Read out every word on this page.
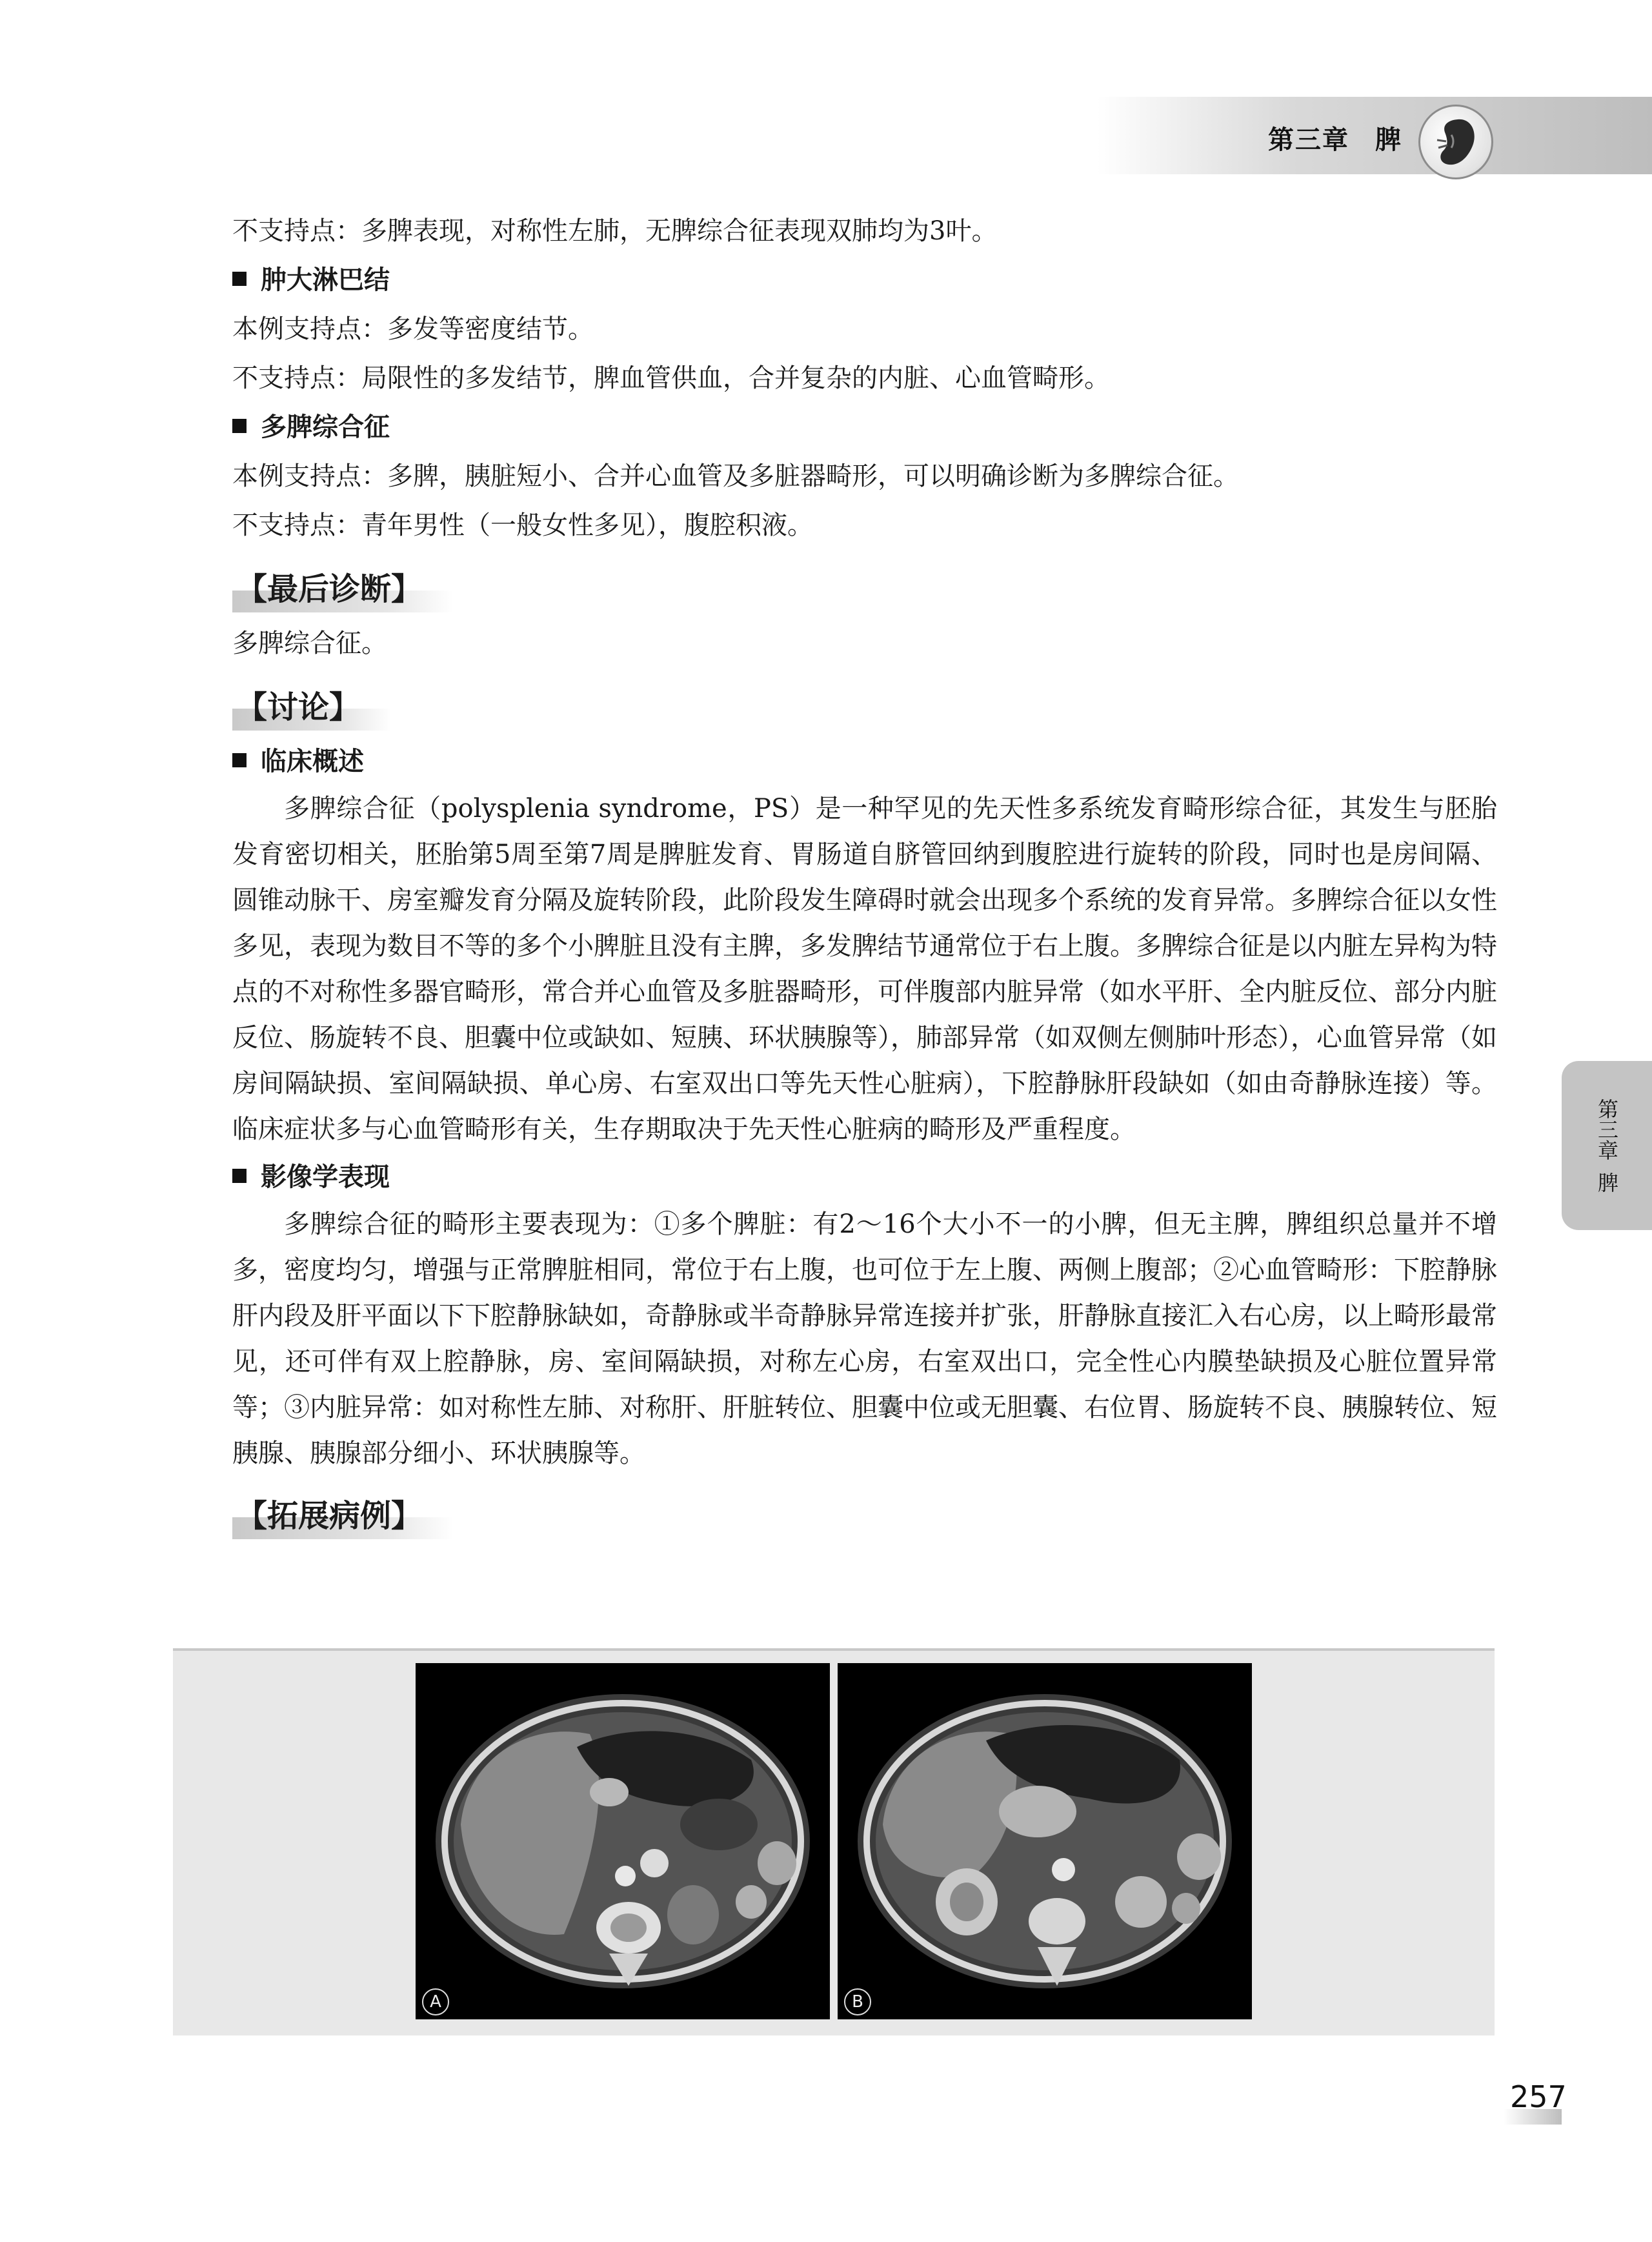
第三章 脾
不支持点：多脾表现，对称性左肺，无脾综合征表现双肺均为3叶。
肿大淋巴结
本例支持点：多发等密度结节。
不支持点：局限性的多发结节，脾血管供血，合并复杂的内脏、心血管畸形。
多脾综合征
本例支持点：多脾，胰脏短小、合并心血管及多脏器畸形，可以明确诊断为多脾综合征。
不支持点：青年男性（一般女性多见），腹腔积液。
【最后诊断】
多脾综合征。
【讨论】
临床概述
多脾综合征（polysplenia syndrome，PS）是一种罕见的先天性多系统发育畸形综合征，其发生与胚胎发育密切相关，胚胎第5周至第7周是脾脏发育、胃肠道自脐管回纳到腹腔进行旋转的阶段，同时也是房间隔、圆锥动脉干、房室瓣发育分隔及旋转阶段，此阶段发生障碍时就会出现多个系统的发育异常。多脾综合征以女性多见，表现为数目不等的多个小脾脏且没有主脾，多发脾结节通常位于右上腹。多脾综合征是以内脏左异构为特点的不对称性多器官畸形，常合并心血管及多脏器畸形，可伴腹部内脏异常（如水平肝、全内脏反位、部分内脏反位、肠旋转不良、胆囊中位或缺如、短胰、环状胰腺等），肺部异常（如双侧左侧肺叶形态），心血管异常（如房间隔缺损、室间隔缺损、单心房、右室双出口等先天性心脏病），下腔静脉肝段缺如（如由奇静脉连接）等。临床症状多与心血管畸形有关，生存期取决于先天性心脏病的畸形及严重程度。
影像学表现
多脾综合征的畸形主要表现为：①多个脾脏：有2～16个大小不一的小脾，但无主脾，脾组织总量并不增多，密度均匀，增强与正常脾脏相同，常位于右上腹，也可位于左上腹、两侧上腹部；②心血管畸形：下腔静脉肝内段及肝平面以下下腔静脉缺如，奇静脉或半奇静脉异常连接并扩张，肝静脉直接汇入右心房，以上畸形最常见，还可伴有双上腔静脉，房、室间隔缺损，对称左心房，右室双出口，完全性心内膜垫缺损及心脏位置异常等；③内脏异常：如对称性左肺、对称肝、肝脏转位、胆囊中位或无胆囊、右位胃、肠旋转不良、胰腺转位、短胰腺、胰腺部分细小、环状胰腺等。
【拓展病例】
第三章
脾
A	B
257
